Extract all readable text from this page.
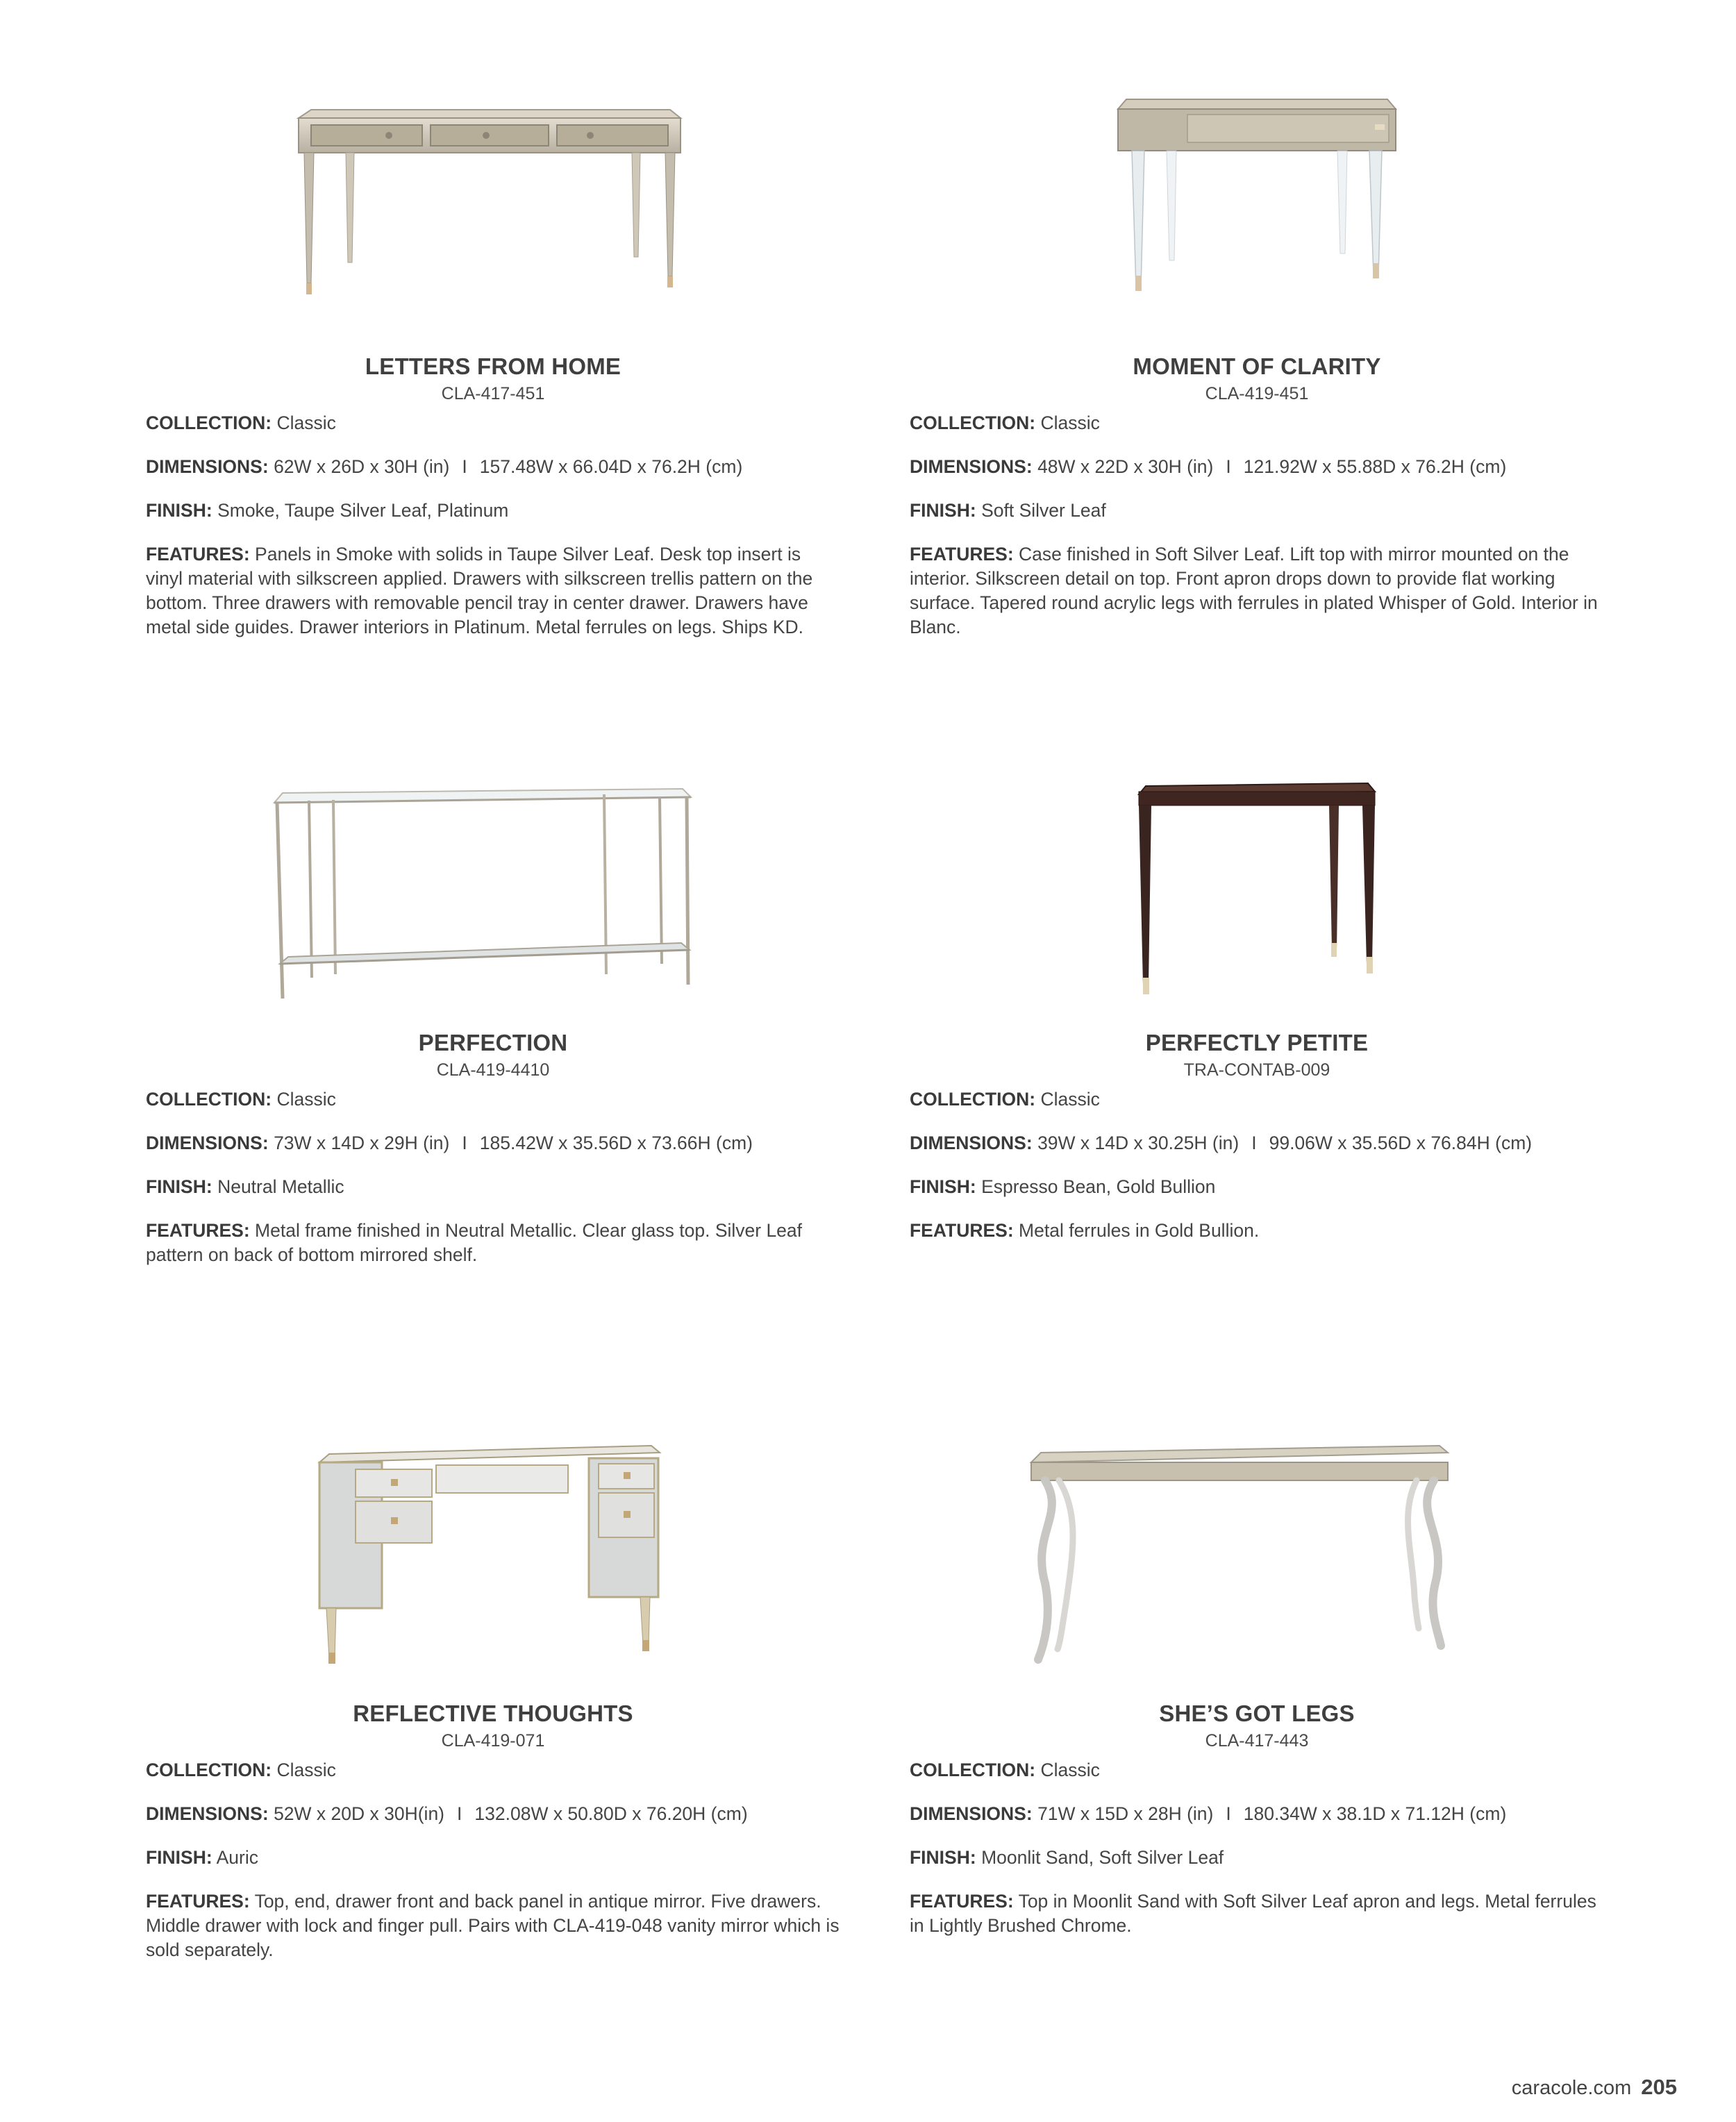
LETTERS FROM HOME

CLA-417-451

COLLECTION: Classic

DIMENSIONS: 62W x 26D x 30H (in) I 157.48W x 66.04D x 76.2H (cm)

FINISH: Smoke, Taupe Silver Leaf, Platinum

FEATURES: Panels in Smoke with solids in Taupe Silver Leaf. Desk top insert is vinyl material with silkscreen applied. Drawers with silkscreen trellis pattern on the bottom. Three drawers with removable pencil tray in center drawer. Drawers have metal side guides. Drawer interiors in Platinum. Metal ferrules on legs. Ships KD.

MOMENT OF CLARITY

CLA-419-451

COLLECTION: Classic

DIMENSIONS: 48W x 22D x 30H (in) I 121.92W x 55.88D x 76.2H (cm)

FINISH: Soft Silver Leaf

FEATURES: Case finished in Soft Silver Leaf. Lift top with mirror mounted on the interior. Silkscreen detail on top. Front apron drops down to provide flat working surface. Tapered round acrylic legs with ferrules in plated Whisper of Gold. Interior in Blanc.

PERFECTION

CLA-419-4410

COLLECTION: Classic

DIMENSIONS: 73W x 14D x 29H (in) I 185.42W x 35.56D x 73.66H (cm)

FINISH: Neutral Metallic

FEATURES: Metal frame finished in Neutral Metallic. Clear glass top. Silver Leaf pattern on back of bottom mirrored shelf.

PERFECTLY PETITE

TRA-CONTAB-009

COLLECTION: Classic

DIMENSIONS: 39W x 14D x 30.25H (in) I 99.06W x 35.56D x 76.84H (cm)

FINISH: Espresso Bean, Gold Bullion

FEATURES: Metal ferrules in Gold Bullion.

REFLECTIVE THOUGHTS

CLA-419-071

COLLECTION: Classic

DIMENSIONS: 52W x 20D x 30H(in) I 132.08W x 50.80D x 76.20H (cm)

FINISH: Auric

FEATURES: Top, end, drawer front and back panel in antique mirror. Five drawers. Middle drawer with lock and finger pull. Pairs with CLA-419-048 vanity mirror which is sold separately.

SHE’S GOT LEGS

CLA-417-443

COLLECTION: Classic

DIMENSIONS: 71W x 15D x 28H (in) I 180.34W x 38.1D x 71.12H (cm)

FINISH: Moonlit Sand, Soft Silver Leaf

FEATURES: Top in Moonlit Sand with Soft Silver Leaf apron and legs. Metal ferrules in Lightly Brushed Chrome.

caracole.com 205
